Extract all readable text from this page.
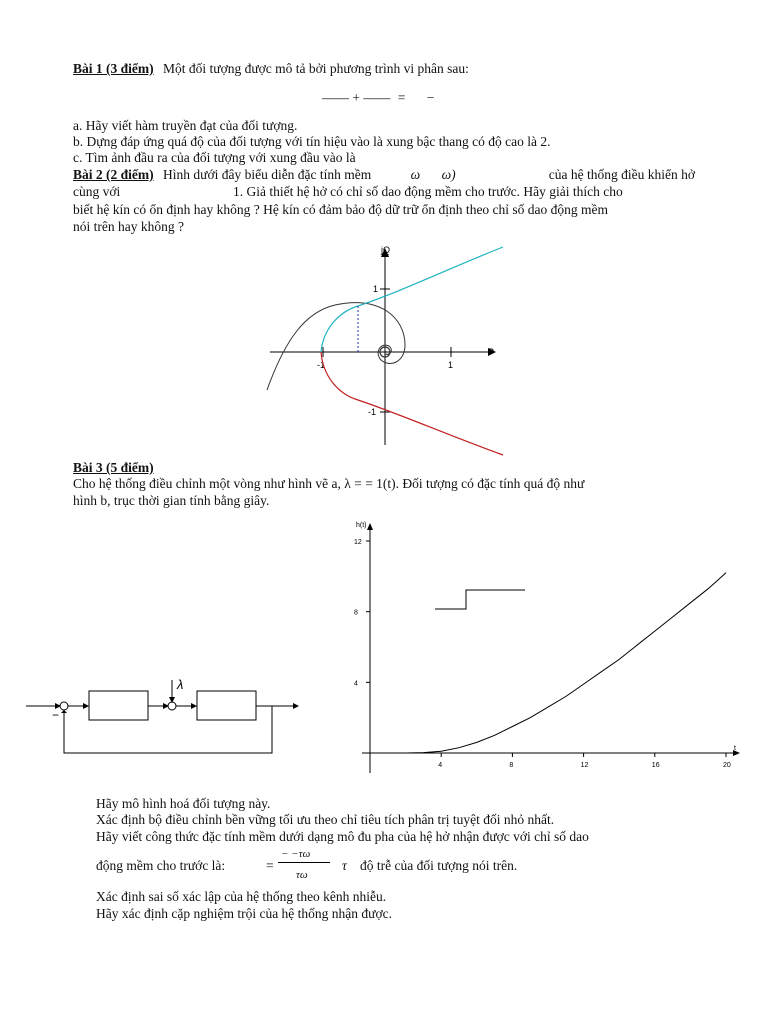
Bài 1 (3 điểm) Một đối tượng được mô tả bởi phương trình vi phân sau:
—— + —— = −
a. Hãy viết hàm truyền đạt của đối tượng.
b. Dựng đáp ứng quá độ của đối tượng với tín hiệu vào là xung bậc thang có độ cao là 2.
c. Tìm ảnh đầu ra của đối tượng với xung đầu vào là
Bài 2 (2 điểm) Hình dưới đây biểu diễn đặc tính mềm	ω ω)	của hệ thống điều khiển hở
cùng với	1. Giả thiết hệ hở có chỉ số dao động mềm cho trước. Hãy giải thích cho
biết hệ kín có ổn định hay không ? Hệ kín có đảm bảo độ dữ trữ ổn định theo chỉ số dao động mềm
nói trên hay không ?
jQ
P
1
-1
-1	1
Bài 3 (5 điểm)
Cho hệ thống điều chỉnh một vòng như hình vẽ a, λ = = 1(t). Đối tượng có đặc tính quá độ như
hình b, trục thời gian tính bằng giây.
−
λ
h(t)
t
4	8	12	16	20
12
8
4
Hãy mô hình hoá đối tượng này.
Xác định bộ điều chỉnh bền vững tối ưu theo chỉ tiêu tích phân trị tuyệt đối nhỏ nhất.
Hãy viết công thức đặc tính mềm dưới dạng mô đu pha của hệ hở nhận được với chỉ số dao
động mềm cho trước là:	=
− −τω
τω
τ độ trễ của đối tượng nói trên.
Xác định sai số xác lập của hệ thống theo kênh nhiễu.
Hãy xác định cặp nghiệm trội của hệ thống nhận được.
